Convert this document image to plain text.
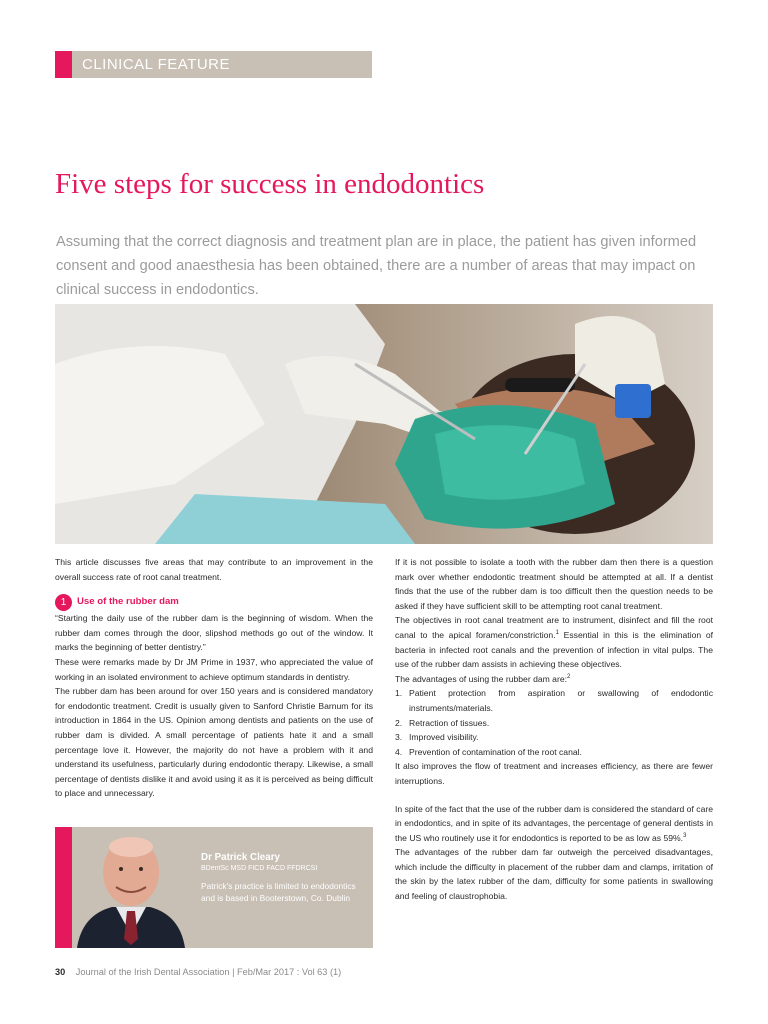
CLINICAL FEATURE
Five steps for success in endodontics

Assuming that the correct diagnosis and treatment plan are in place, the patient has given informed consent and good anaesthesia has been obtained, there are a number of areas that may impact on clinical success in endodontics.

This article discusses five areas that may contribute to an improvement in the overall success rate of root canal treatment.

1	Use of the rubber dam

“Starting the daily use of the rubber dam is the beginning of wisdom. When the rubber dam comes through the door, slipshod methods go out of the window. It marks the beginning of better dentistry.”

These were remarks made by Dr JM Prime in 1937, who appreciated the value of working in an isolated environment to achieve optimum standards in dentistry.

The rubber dam has been around for over 150 years and is considered mandatory for endodontic treatment. Credit is usually given to Sanford Christie Barnum for its introduction in 1864 in the US. Opinion among dentists and patients on the use of rubber dam is divided. A small percentage of patients hate it and a small percentage love it. However, the majority do not have a problem with it and understand its usefulness, particularly during endodontic therapy. Likewise, a small percentage of dentists dislike it and avoid using it as it is perceived as being difficult to place and unnecessary.

If it is not possible to isolate a tooth with the rubber dam then there is a question mark over whether endodontic treatment should be attempted at all. If a dentist finds that the use of the rubber dam is too difficult then the question needs to be asked if they have sufficient skill to be attempting root canal treatment.

The objectives in root canal treatment are to instrument, disinfect and fill the root canal to the apical foramen/constriction.$^1$ Essential in this is the elimination of bacteria in infected root canals and the prevention of infection in vital pulps. The use of the rubber dam assists in achieving these objectives.

The advantages of using the rubber dam are:$^2$

1. Patient protection from aspiration or swallowing of endodontic instruments/materials.
2. Retraction of tissues.
3. Improved visibility.
4. Prevention of contamination of the root canal.

It also improves the flow of treatment and increases efficiency, as there are fewer interruptions.

In spite of the fact that the use of the rubber dam is considered the standard of care in endodontics, and in spite of its advantages, the percentage of general dentists in the US who routinely use it for endodontics is reported to be as low as 59%.$^3$

The advantages of the rubber dam far outweigh the perceived disadvantages, which include the difficulty in placement of the rubber dam and clamps, irritation of the skin by the latex rubber of the dam, difficulty for some patients in swallowing and feeling of claustrophobia.

Dr Patrick Cleary

BDentSc MSD FICD FACD FFDRCSI

Patrick's practice is limited to endodontics and is based in Booterstown, Co. Dublin

30 Journal of the Irish Dental Association | Feb/Mar 2017 : Vol 63 (1)
